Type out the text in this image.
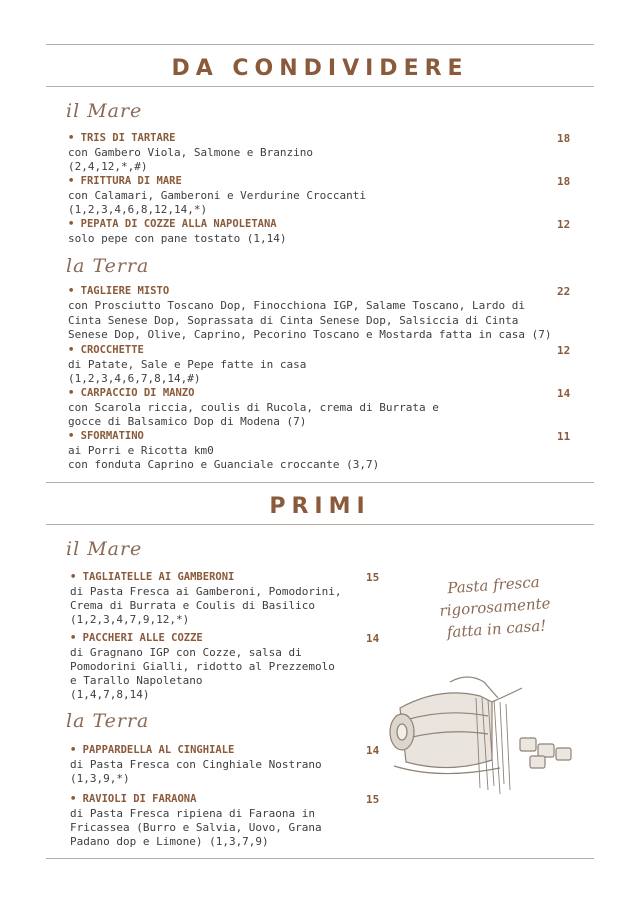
DA CONDIVIDERE
il Mare
• TRIS DI TARTARE	18
con Gambero Viola, Salmone e Branzino
(2,4,12,*,#)
• FRITTURA DI MARE	18
con Calamari, Gamberoni e Verdurine Croccanti
(1,2,3,4,6,8,12,14,*)
• PEPATA DI COZZE ALLA NAPOLETANA	12
solo pepe con pane tostato (1,14)
la Terra
• TAGLIERE MISTO	22
con Prosciutto Toscano Dop, Finocchiona IGP, Salame Toscano, Lardo di
Cinta Senese Dop, Soprassata di Cinta Senese Dop, Salsiccia di Cinta
Senese Dop, Olive, Caprino, Pecorino Toscano e Mostarda fatta in casa (7)
• CROCCHETTE	12
di Patate, Sale e Pepe fatte in casa
(1,2,3,4,6,7,8,14,#)
• CARPACCIO DI MANZO	14
con Scarola riccia, coulis di Rucola, crema di Burrata e
gocce di Balsamico Dop di Modena (7)
• SFORMATINO	11
ai Porri e Ricotta km0
con fonduta Caprino e Guanciale croccante (3,7)
PRIMI
il Mare
• TAGLIATELLE AI GAMBERONI	15
di Pasta Fresca ai Gamberoni, Pomodorini,
Crema di Burrata e Coulis di Basilico
(1,2,3,4,7,9,12,*)
• PACCHERI ALLE COZZE	14
di Gragnano IGP con Cozze, salsa di
Pomodorini Gialli, ridotto al Prezzemolo
e Tarallo Napoletano
(1,4,7,8,14)
la Terra
• PAPPARDELLA AL CINGHIALE	14
di Pasta Fresca con Cinghiale Nostrano
(1,3,9,*)
• RAVIOLI DI FARAONA	15
di Pasta Fresca ripiena di Faraona in
Fricassea (Burro e Salvia, Uovo, Grana
Padano dop e Limone) (1,3,7,9)
Pasta fresca
rigorosamente
fatta in casa!
